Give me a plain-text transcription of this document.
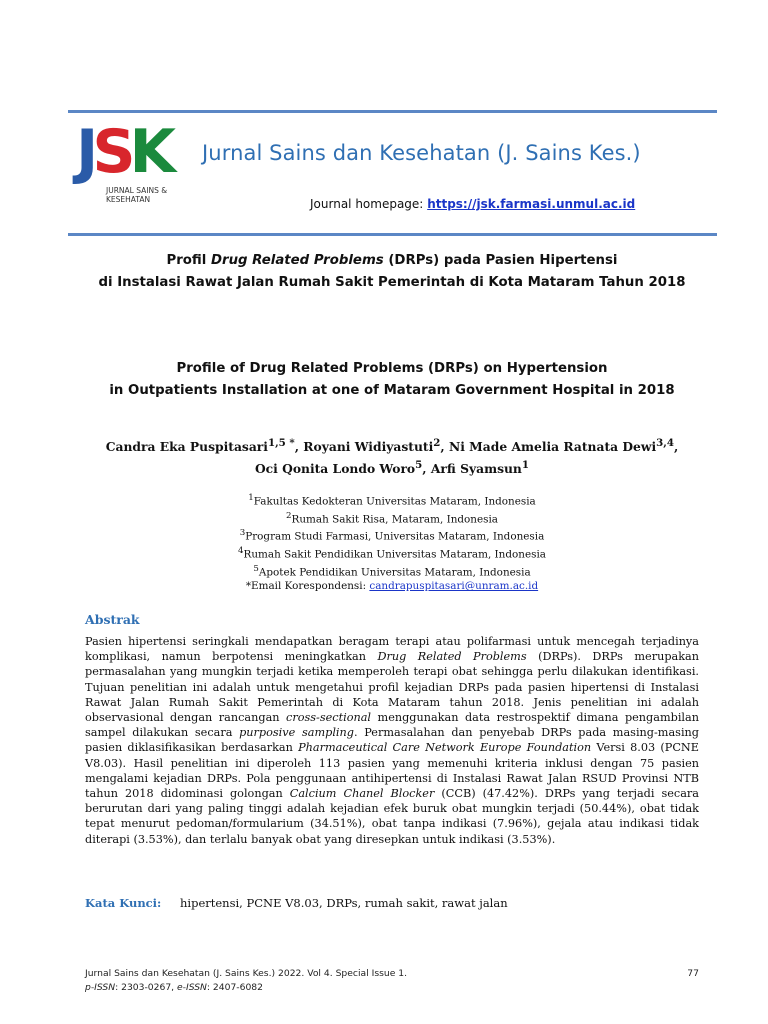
JSK

JURNAL SAINS &
KESEHATAN
Jurnal Sains dan Kesehatan (J. Sains Kes.)
Journal homepage: https://jsk.farmasi.unmul.ac.id
Profil Drug Related Problems (DRPs) pada Pasien Hipertensi
di Instalasi Rawat Jalan Rumah Sakit Pemerintah di Kota Mataram Tahun 2018
Profile of Drug Related Problems (DRPs) on Hypertension
in Outpatients Installation at one of Mataram Government Hospital in 2018
Candra Eka Puspitasari$^{1,5 *}$, Royani Widiyastuti$^2$, Ni Made Amelia Ratnata Dewi$^{3,4}$,
Oci Qonita Londo Woro$^5$, Arfi Syamsun$^1$
$^1$Fakultas Kedokteran Universitas Mataram, Indonesia
$^2$Rumah Sakit Risa, Mataram, Indonesia
$^3$Program Studi Farmasi, Universitas Mataram, Indonesia
$^4$Rumah Sakit Pendidikan Universitas Mataram, Indonesia
$^5$Apotek Pendidikan Universitas Mataram, Indonesia
*Email Korespondensi: candrapuspitasari@unram.ac.id
Abstrak

Pasien hipertensi seringkali mendapatkan beragam terapi atau polifarmasi untuk mencegah terjadinya komplikasi, namun berpotensi meningkatkan Drug Related Problems (DRPs). DRPs merupakan permasalahan yang mungkin terjadi ketika memperoleh terapi obat sehingga perlu dilakukan identifikasi. Tujuan penelitian ini adalah untuk mengetahui profil kejadian DRPs pada pasien hipertensi di Instalasi Rawat Jalan Rumah Sakit Pemerintah di Kota Mataram tahun 2018. Jenis penelitian ini adalah observasional dengan rancangan cross-sectional menggunakan data restrospektif dimana pengambilan sampel dilakukan secara purposive sampling. Permasalahan dan penyebab DRPs pada masing-masing pasien diklasifikasikan berdasarkan Pharmaceutical Care Network Europe Foundation Versi 8.03 (PCNE V8.03). Hasil penelitian ini diperoleh 113 pasien yang memenuhi kriteria inklusi dengan 75 pasien mengalami kejadian DRPs. Pola penggunaan antihipertensi di Instalasi Rawat Jalan RSUD Provinsi NTB tahun 2018 didominasi golongan Calcium Chanel Blocker (CCB) (47.42%). DRPs yang terjadi secara berurutan dari yang paling tinggi adalah kejadian efek buruk obat mungkin terjadi (50.44%), obat tidak tepat menurut pedoman/formularium (34.51%), obat tanpa indikasi (7.96%), gejala atau indikasi tidak diterapi (3.53%), dan terlalu banyak obat yang diresepkan untuk indikasi (3.53%).

Kata Kunci: hipertensi, PCNE V8.03, DRPs, rumah sakit, rawat jalan
Jurnal Sains dan Kesehatan (J. Sains Kes.) 2022. Vol 4. Special Issue 1.	77
p-ISSN: 2303-0267, e-ISSN: 2407-6082
